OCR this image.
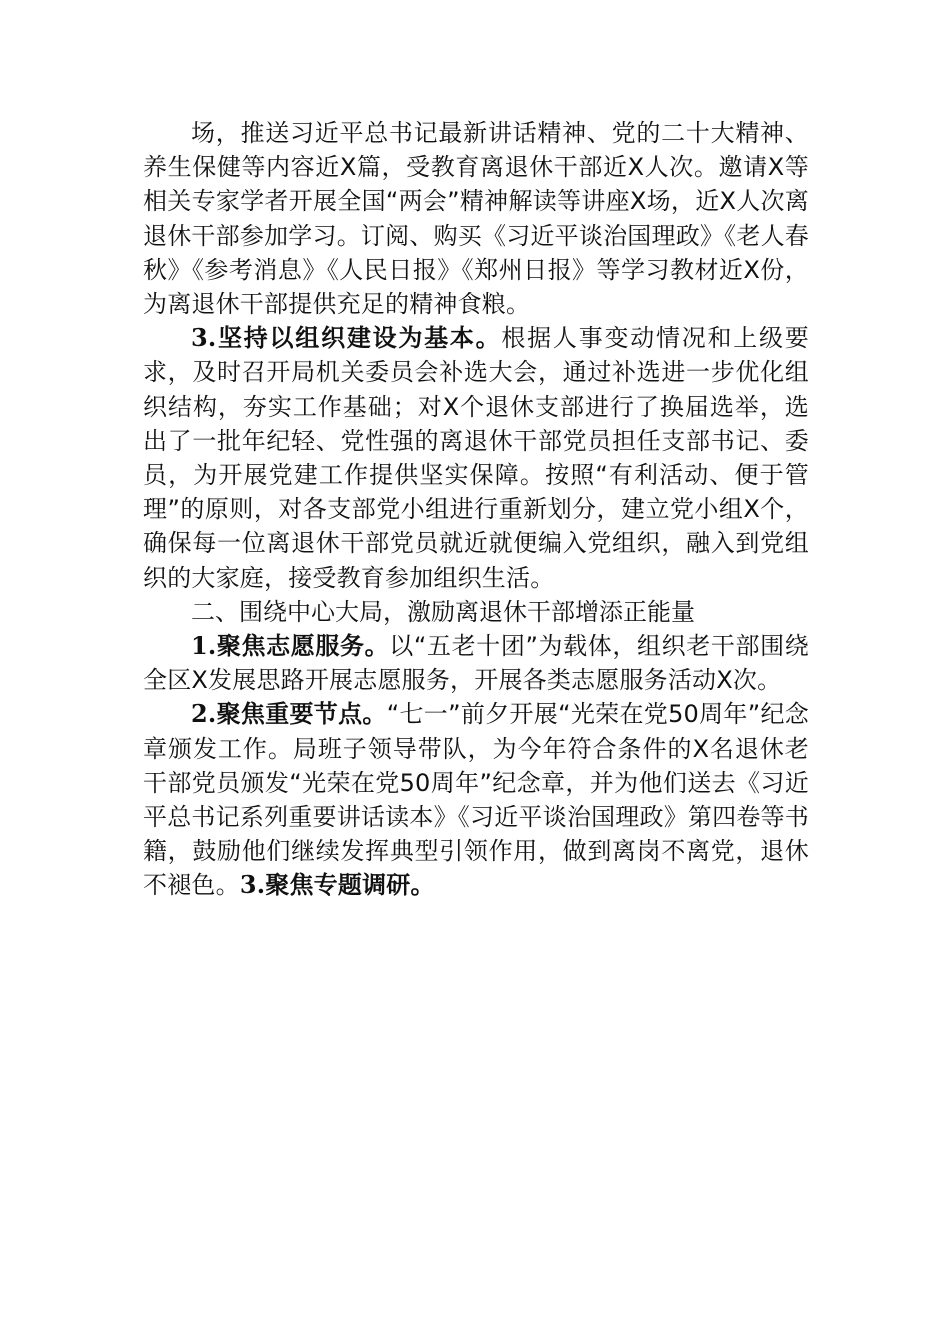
场，推送习近平总书记最新讲话精神、党的二十大精神、养生保健等内容近X篇，受教育离退休干部近X人次。邀请X等相关专家学者开展全国“两会”精神解读等讲座X场，近X人次离退休干部参加学习。订阅、购买《习近平谈治国理政》《老人春秋》《参考消息》《人民日报》《郑州日报》等学习教材近X份，为离退休干部提供充足的精神食粮。

3.坚持以组织建设为基本。根据人事变动情况和上级要求，及时召开局机关委员会补选大会，通过补选进一步优化组织结构，夯实工作基础；对X个退休支部进行了换届选举，选出了一批年纪轻、党性强的离退休干部党员担任支部书记、委员，为开展党建工作提供坚实保障。按照“有利活动、便于管理”的原则，对各支部党小组进行重新划分，建立党小组X个，确保每一位离退休干部党员就近就便编入党组织，融入到党组织的大家庭，接受教育参加组织生活。

二、围绕中心大局，激励离退休干部增添正能量

1.聚焦志愿服务。以“五老十团”为载体，组织老干部围绕全区X发展思路开展志愿服务，开展各类志愿服务活动X次。

2.聚焦重要节点。“七一”前夕开展“光荣在党50周年”纪念章颁发工作。局班子领导带队，为今年符合条件的X名退休老干部党员颁发“光荣在党50周年”纪念章，并为他们送去《习近平总书记系列重要讲话读本》《习近平谈治国理政》第四卷等书籍，鼓励他们继续发挥典型引领作用，做到离岗不离党，退休不褪色。3.聚焦专题调研。
